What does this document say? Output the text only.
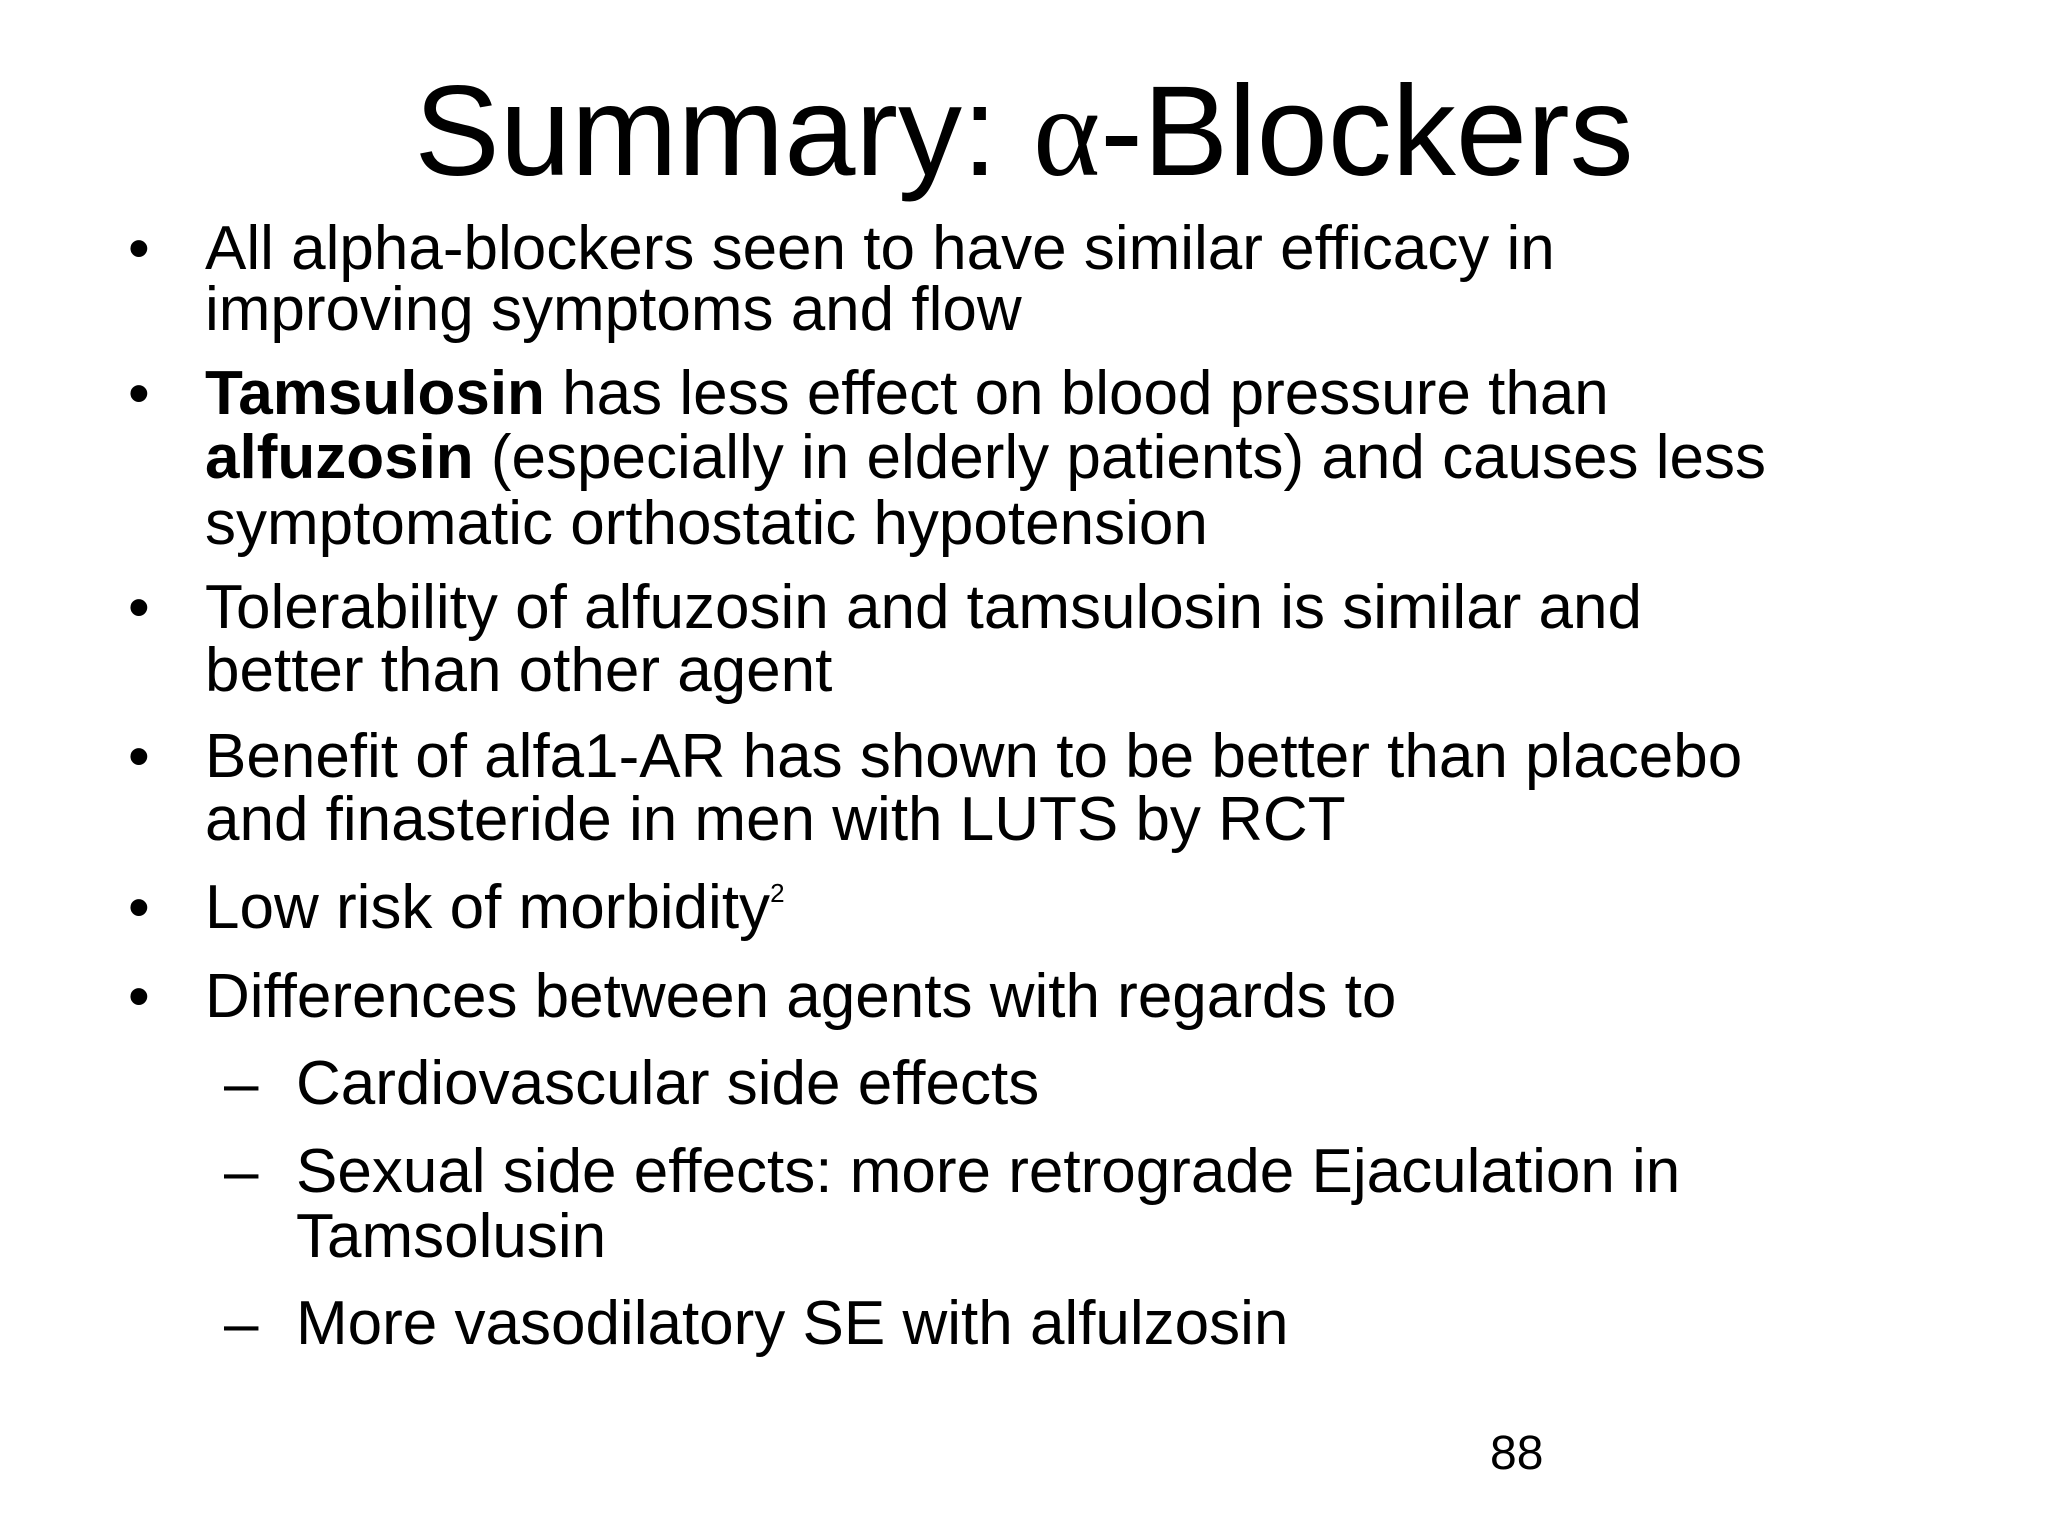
Summary: α-Blockers
• All alpha-blockers seen to have similar efficacy in
improving symptoms and flow
• Tamsulosin has less effect on blood pressure than
alfuzosin (especially in elderly patients) and causes less
symptomatic orthostatic hypotension
• Tolerability of alfuzosin and tamsulosin is similar and
better than other agent
• Benefit of alfa1-AR has shown to be better than placebo
and finasteride in men with LUTS by RCT
• Low risk of morbidity$^2$
• Differences between agents with regards to
– Cardiovascular side effects
– Sexual side effects: more retrograde Ejaculation in
Tamsolusin
– More vasodilatory SE with alfulzosin
88
